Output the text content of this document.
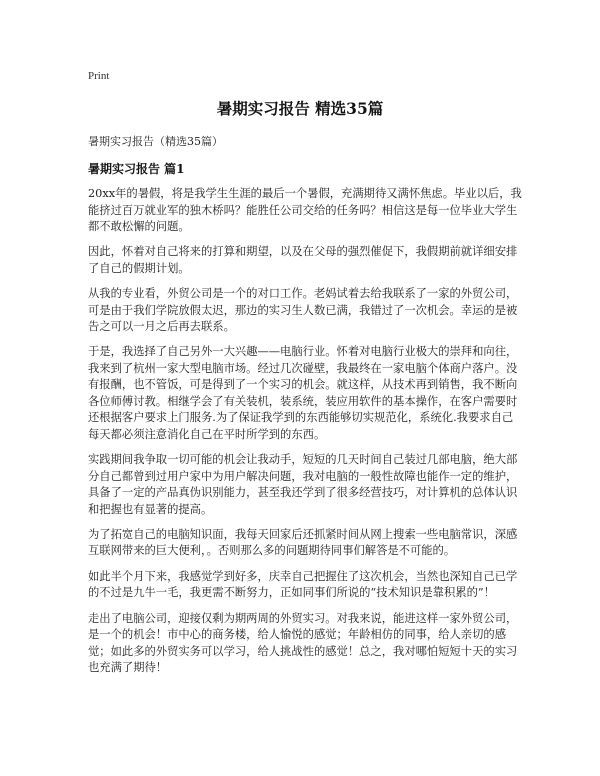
Print
暑期实习报告 精选35篇
暑期实习报告（精选35篇）
暑期实习报告 篇1

20xx年的暑假，将是我学生生涯的最后一个暑假，充满期待又满怀焦虑。毕业以后，我能挤过百万就业军的独木桥吗？能胜任公司交给的任务吗？相信这是每一位毕业大学生都不敢松懈的问题。

因此，怀着对自己将来的打算和期望，以及在父母的强烈催促下，我假期前就详细安排了自己的假期计划。

从我的专业看，外贸公司是一个的对口工作。老妈试着去给我联系了一家的外贸公司，可是由于我们学院放假太迟，那边的实习生人数已满，我错过了一次机会。幸运的是被告之可以一月之后再去联系。

于是，我选择了自己另外一大兴趣——电脑行业。怀着对电脑行业极大的崇拜和向往，我来到了杭州一家大型电脑市场。经过几次碰壁，我最终在一家电脑个体商户落户。没有报酬，也不管饭，可是得到了一个实习的机会。就这样，从技术再到销售，我不断向各位师傅讨教。相继学会了有关装机，装系统，装应用软件的基本操作，在客户需要时还根据客户要求上门服务.为了保证我学到的东西能够切实规范化，系统化.我要求自己每天都必须注意消化自己在平时所学到的东西。

实践期间我争取一切可能的机会让我动手，短短的几天时间自己装过几部电脑，绝大部分自己都曾到过用户家中为用户解决问题，我对电脑的一般性故障也能作一定的维护，具备了一定的产品真伪识别能力，甚至我还学到了很多经营技巧，对计算机的总体认识和把握也有显著的提高。

为了拓宽自己的电脑知识面，我每天回家后还抓紧时间从网上搜索一些电脑常识，深感互联网带来的巨大便利，。否则那么多的问题期待同事们解答是不可能的。

如此半个月下来，我感觉学到好多，庆幸自己把握住了这次机会，当然也深知自己已学的不过是九牛一毛，我更需不断努力，正如同事们所说的“技术知识是靠积累的”！

走出了电脑公司，迎接仅剩为期两周的外贸实习。对我来说，能进这样一家外贸公司，是一个的机会！市中心的商务楼，给人愉悦的感觉；年龄相仿的同事，给人亲切的感觉；如此多的外贸实务可以学习，给人挑战性的感觉！总之，我对哪怕短短十天的实习也充满了期待！
